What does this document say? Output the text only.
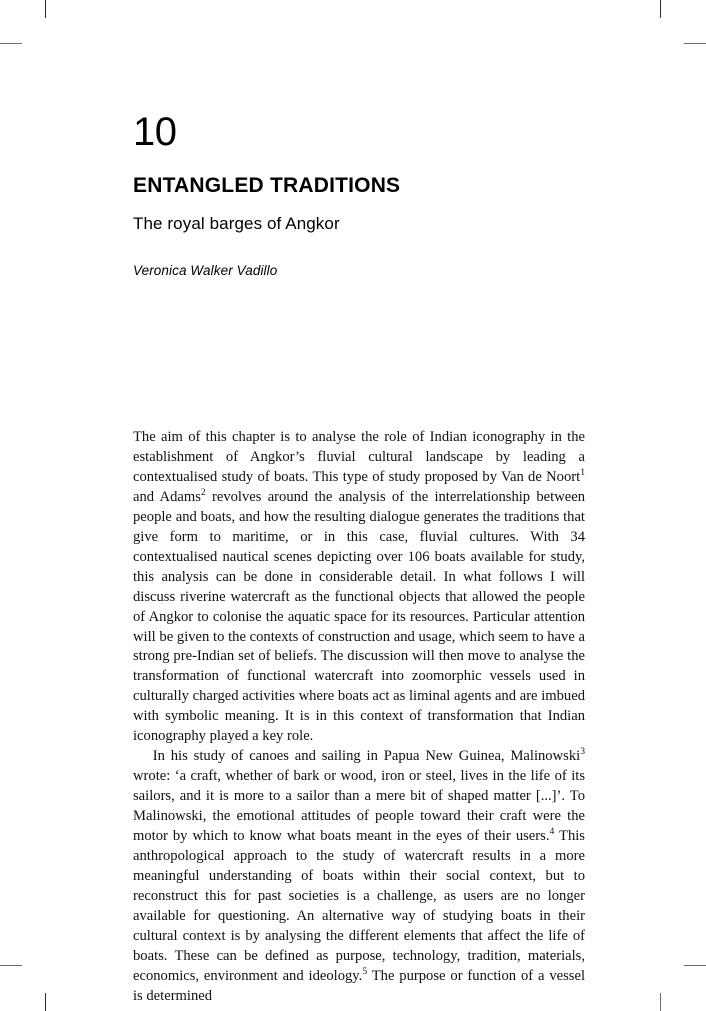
10
ENTANGLED TRADITIONS
The royal barges of Angkor
Veronica Walker Vadillo

The aim of this chapter is to analyse the role of Indian iconography in the establishment of Angkor’s fluvial cultural landscape by leading a contextualised study of boats. This type of study proposed by Van de Noort$^1$ and Adams$^2$ revolves around the analysis of the interrelationship between people and boats, and how the resulting dialogue generates the traditions that give form to maritime, or in this case, fluvial cultures. With 34 contextualised nautical scenes depicting over 106 boats available for study, this analysis can be done in considerable detail. In what follows I will discuss riverine watercraft as the functional objects that allowed the people of Angkor to colonise the aquatic space for its resources. Particular attention will be given to the contexts of construction and usage, which seem to have a strong pre-Indian set of beliefs. The discussion will then move to analyse the transformation of functional watercraft into zoomorphic vessels used in culturally charged activities where boats act as liminal agents and are imbued with symbolic meaning. It is in this context of transformation that Indian iconography played a key role.

In his study of canoes and sailing in Papua New Guinea, Malinowski$^3$ wrote: ‘a craft, whether of bark or wood, iron or steel, lives in the life of its sailors, and it is more to a sailor than a mere bit of shaped matter [...]’. To Malinowski, the emotional attitudes of people toward their craft were the motor by which to know what boats meant in the eyes of their users.$^4$ This anthropological approach to the study of watercraft results in a more meaningful understanding of boats within their social context, but to reconstruct this for past societies is a challenge, as users are no longer available for questioning. An alternative way of studying boats in their cultural context is by analysing the different elements that affect the life of boats. These can be defined as purpose, technology, tradition, materials, economics, environment and ideology.$^5$ The purpose or function of a vessel is determined
